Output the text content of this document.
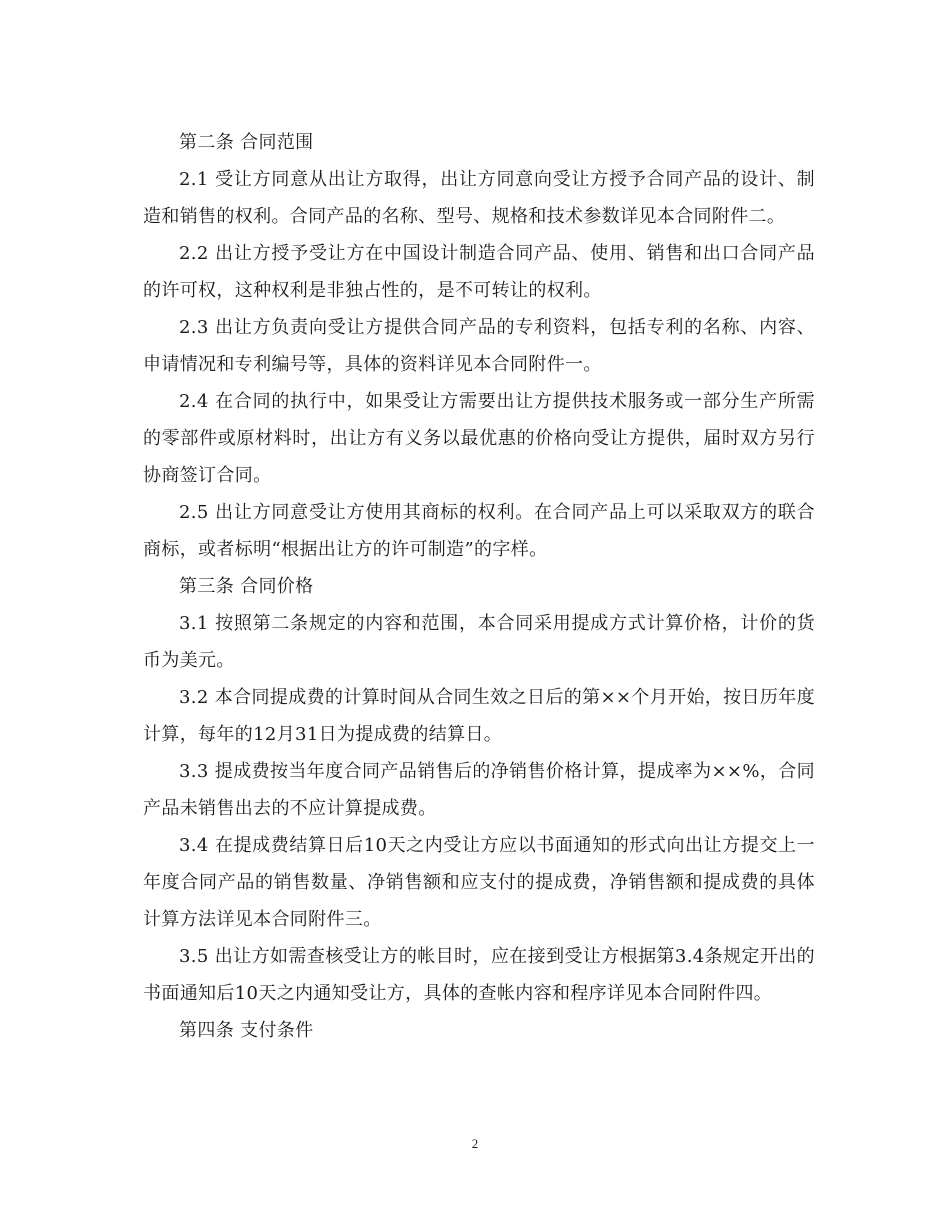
第二条 合同范围

2.1 受让方同意从出让方取得，出让方同意向受让方授予合同产品的设计、制造和销售的权利。合同产品的名称、型号、规格和技术参数详见本合同附件二。

2.2 出让方授予受让方在中国设计制造合同产品、使用、销售和出口合同产品的许可权，这种权利是非独占性的，是不可转让的权利。

2.3 出让方负责向受让方提供合同产品的专利资料，包括专利的名称、内容、申请情况和专利编号等，具体的资料详见本合同附件一。

2.4 在合同的执行中，如果受让方需要出让方提供技术服务或一部分生产所需的零部件或原材料时，出让方有义务以最优惠的价格向受让方提供，届时双方另行协商签订合同。

2.5 出让方同意受让方使用其商标的权利。在合同产品上可以采取双方的联合商标，或者标明“根据出让方的许可制造”的字样。

第三条 合同价格

3.1 按照第二条规定的内容和范围，本合同采用提成方式计算价格，计价的货币为美元。

3.2 本合同提成费的计算时间从合同生效之日后的第××个月开始，按日历年度计算，每年的12月31日为提成费的结算日。

3.3 提成费按当年度合同产品销售后的净销售价格计算，提成率为××%，合同产品未销售出去的不应计算提成费。

3.4 在提成费结算日后10天之内受让方应以书面通知的形式向出让方提交上一年度合同产品的销售数量、净销售额和应支付的提成费，净销售额和提成费的具体计算方法详见本合同附件三。

3.5 出让方如需查核受让方的帐目时，应在接到受让方根据第3.4条规定开出的书面通知后10天之内通知受让方，具体的查帐内容和程序详见本合同附件四。

第四条 支付条件

2
